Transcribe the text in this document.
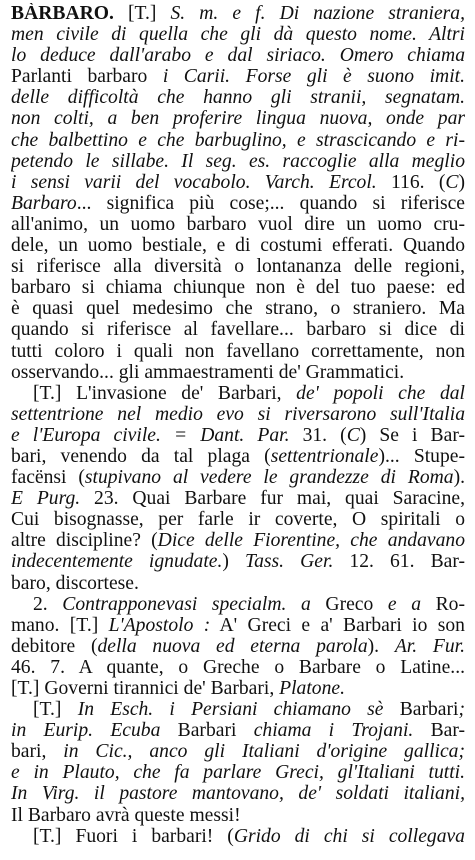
BÀRBARO. [T.] S. m. e f. Di nazione straniera,
men civile di quella che gli dà questo nome. Altri
lo deduce dall'arabo e dal siriaco. Omero chiama
Parlanti barbaro i Carii. Forse gli è suono imit.
delle difficoltà che hanno gli stranii, segnatam.
non colti, a ben proferire lingua nuova, onde par
che balbettino e che barbuglino, e strascicando e ri-
petendo le sillabe. Il seg. es. raccoglie alla meglio
i sensi varii del vocabolo. Varch. Ercol. 116. (C)
Barbaro... significa più cose;... quando si riferisce
all'animo, un uomo barbaro vuol dire un uomo cru-
dele, un uomo bestiale, e di costumi efferati. Quando
si riferisce alla diversità o lontananza delle regioni,
barbaro si chiama chiunque non è del tuo paese: ed
è quasi quel medesimo che strano, o straniero. Ma
quando si riferisce al favellare... barbaro si dice di
tutti coloro i quali non favellano correttamente, non
osservando... gli ammaestramenti de' Grammatici.
[T.] L'invasione de' Barbari, de' popoli che dal
settentrione nel medio evo si riversarono sull'Italia
e l'Europa civile. = Dant. Par. 31. (C) Se i Bar-
bari, venendo da tal plaga (settentrionale)... Stupe-
facënsi (stupivano al vedere le grandezze di Roma).
E Purg. 23. Quai Barbare fur mai, quai Saracine,
Cui bisognasse, per farle ir coverte, O spiritali o
altre discipline? (Dice delle Fiorentine, che andavano
indecentemente ignudate.) Tass. Ger. 12. 61. Bar-
baro, discortese.
2. Contrapponevasi specialm. a Greco e a Ro-
mano. [T.] L'Apostolo : A' Greci e a' Barbari io son
debitore (della nuova ed eterna parola). Ar. Fur.
46. 7. A quante, o Greche o Barbare o Latine...
[T.] Governi tirannici de' Barbari, Platone.
[T.] In Esch. i Persiani chiamano sè Barbari;
in Eurip. Ecuba Barbari chiama i Trojani. Bar-
bari, in Cic., anco gli Italiani d'origine gallica;
e in Plauto, che fa parlare Greci, gl'Italiani tutti.
In Virg. il pastore mantovano, de' soldati italiani,
Il Barbaro avrà queste messi!
[T.] Fuori i barbari! (Grido di chi si collegava
